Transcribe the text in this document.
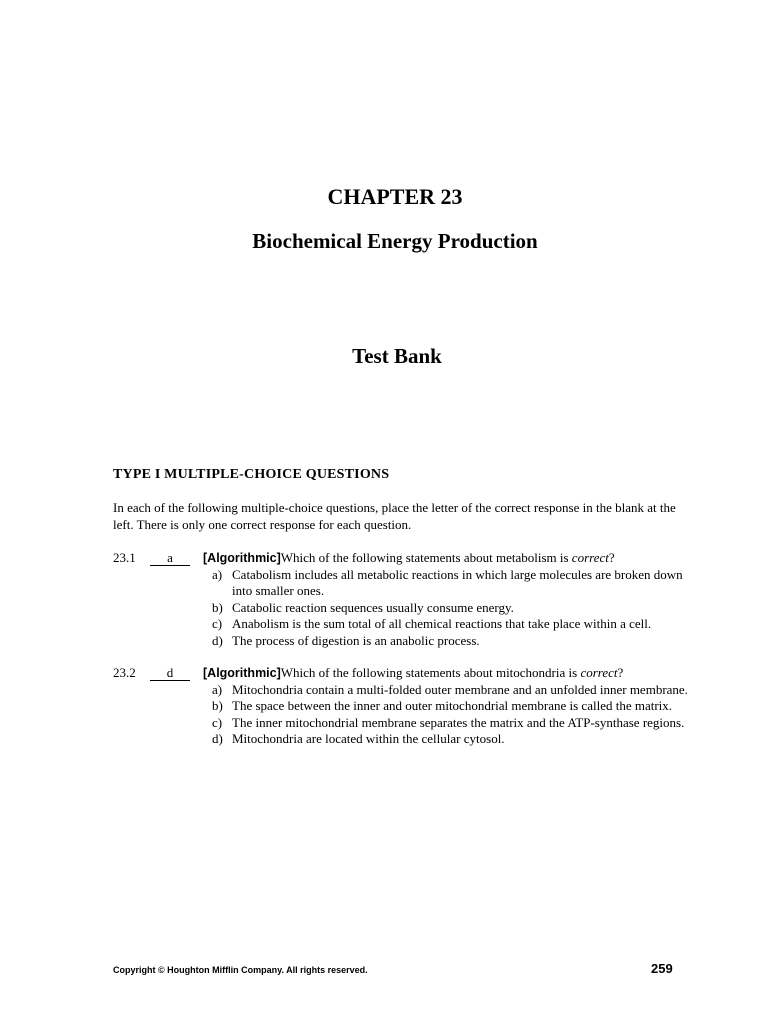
CHAPTER 23
Biochemical Energy Production
Test Bank
TYPE I MULTIPLE-CHOICE QUESTIONS
In each of the following multiple-choice questions, place the letter of the correct response in the blank at the left. There is only one correct response for each question.
23.1	a	[Algorithmic]Which of the following statements about metabolism is correct?
a) Catabolism includes all metabolic reactions in which large molecules are broken down into smaller ones.
b) Catabolic reaction sequences usually consume energy.
c) Anabolism is the sum total of all chemical reactions that take place within a cell.
d) The process of digestion is an anabolic process.
23.2	d	[Algorithmic]Which of the following statements about mitochondria is correct?
a) Mitochondria contain a multi-folded outer membrane and an unfolded inner membrane.
b) The space between the inner and outer mitochondrial membrane is called the matrix.
c) The inner mitochondrial membrane separates the matrix and the ATP-synthase regions.
d) Mitochondria are located within the cellular cytosol.
Copyright © Houghton Mifflin Company. All rights reserved.	259
